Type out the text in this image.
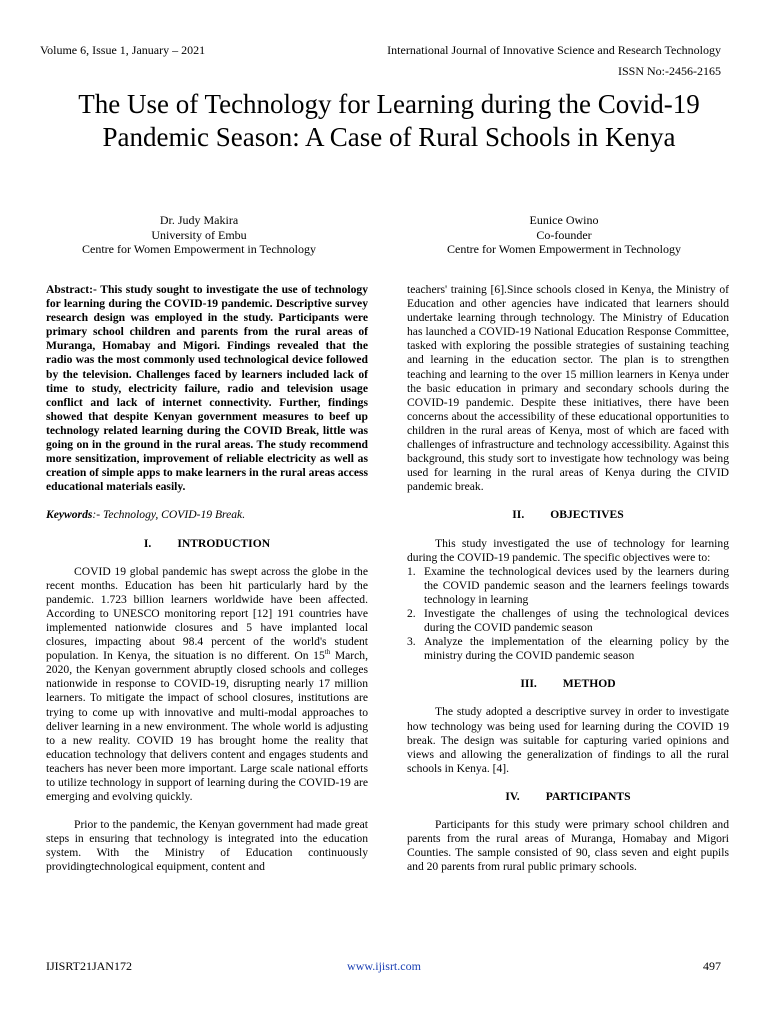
Volume 6, Issue 1, January – 2021	International Journal of Innovative Science and Research Technology
ISSN No:-2456-2165
The Use of Technology for Learning during the Covid-19 Pandemic Season: A Case of Rural Schools in Kenya
Dr. Judy Makira
University of Embu
Centre for Women Empowerment in Technology
Eunice Owino
Co-founder
Centre for Women Empowerment in Technology

Abstract:- This study sought to investigate the use of technology for learning during the COVID-19 pandemic. Descriptive survey research design was employed in the study. Participants were primary school children and parents from the rural areas of Muranga, Homabay and Migori. Findings revealed that the radio was the most commonly used technological device followed by the television. Challenges faced by learners included lack of time to study, electricity failure, radio and television usage conflict and lack of internet connectivity. Further, findings showed that despite Kenyan government measures to beef up technology related learning during the COVID Break, little was going on in the ground in the rural areas. The study recommend more sensitization, improvement of reliable electricity as well as creation of simple apps to make learners in the rural areas access educational materials easily.

Keywords:- Technology, COVID-19 Break.

I. INTRODUCTION

COVID 19 global pandemic has swept across the globe in the recent months. Education has been hit particularly hard by the pandemic. 1.723 billion learners worldwide have been affected. According to UNESCO monitoring report [12] 191 countries have implemented nationwide closures and 5 have implanted local closures, impacting about 98.4 percent of the world's student population. In Kenya, the situation is no different. On 15th March, 2020, the Kenyan government abruptly closed schools and colleges nationwide in response to COVID-19, disrupting nearly 17 million learners. To mitigate the impact of school closures, institutions are trying to come up with innovative and multi-modal approaches to deliver learning in a new environment. The whole world is adjusting to a new reality. COVID 19 has brought home the reality that education technology that delivers content and engages students and teachers has never been more important. Large scale national efforts to utilize technology in support of learning during the COVID-19 are emerging and evolving quickly.

Prior to the pandemic, the Kenyan government had made great steps in ensuring that technology is integrated into the education system. With the Ministry of Education continuously providingtechnological equipment, content and

teachers' training [6].Since schools closed in Kenya, the Ministry of Education and other agencies have indicated that learners should undertake learning through technology. The Ministry of Education has launched a COVID-19 National Education Response Committee, tasked with exploring the possible strategies of sustaining teaching and learning in the education sector. The plan is to strengthen teaching and learning to the over 15 million learners in Kenya under the basic education in primary and secondary schools during the COVID-19 pandemic. Despite these initiatives, there have been concerns about the accessibility of these educational opportunities to children in the rural areas of Kenya, most of which are faced with challenges of infrastructure and technology accessibility. Against this background, this study sort to investigate how technology was being used for learning in the rural areas of Kenya during the CIVID pandemic break.

II. OBJECTIVES

This study investigated the use of technology for learning during the COVID-19 pandemic. The specific objectives were to:

1. Examine the technological devices used by the learners during the COVID pandemic season and the learners feelings towards technology in learning
2. Investigate the challenges of using the technological devices during the COVID pandemic season
3. Analyze the implementation of the elearning policy by the ministry during the COVID pandemic season
III. METHOD

The study adopted a descriptive survey in order to investigate how technology was being used for learning during the COVID 19 break. The design was suitable for capturing varied opinions and views and allowing the generalization of findings to all the rural schools in Kenya. [4].

IV. PARTICIPANTS

Participants for this study were primary school children and parents from the rural areas of Muranga, Homabay and Migori Counties. The sample consisted of 90, class seven and eight pupils and 20 parents from rural public primary schools.

IJISRT21JAN172	www.ijisrt.com	497
